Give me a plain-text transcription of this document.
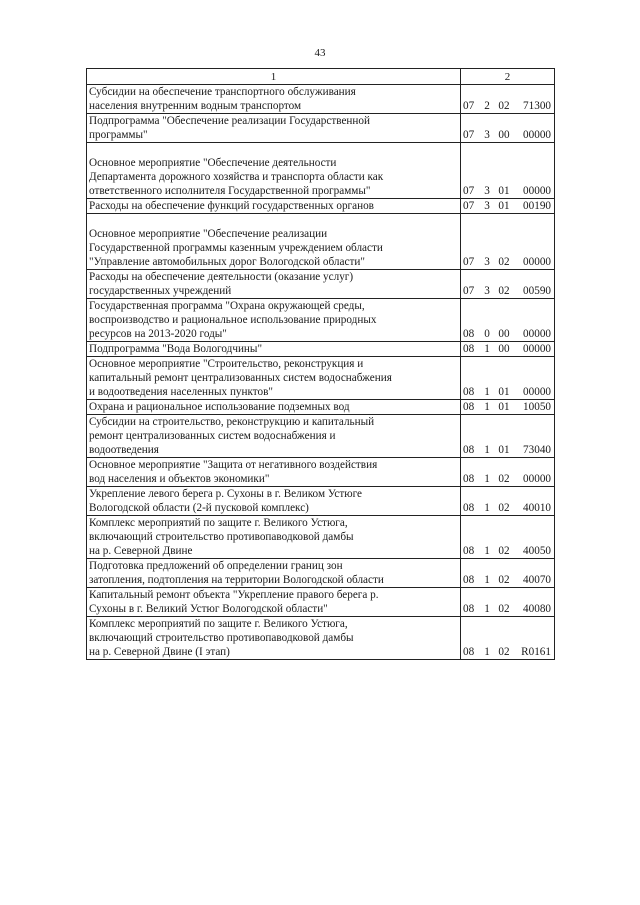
43
1	2
Субсидии на обеспечение транспортного обслуживания
населения внутренним водным транспортом	07 2 02 71300

Подпрограмма "Обеспечение реализации Государственной
программы"	07 3 00 00000

Основное мероприятие "Обеспечение деятельности
Департамента дорожного хозяйства и транспорта области как
ответственного исполнителя Государственной программы"	07 3 01 00000

Расходы на обеспечение функций государственных органов	07 3 01 00190

Основное мероприятие "Обеспечение реализации
Государственной программы казенным учреждением области
"Управление автомобильных дорог Вологодской области"	07 3 02 00000

Расходы на обеспечение деятельности (оказание услуг)
государственных учреждений	07 3 02 00590

Государственная программа "Охрана окружающей среды,
воспроизводство и рациональное использование природных
ресурсов на 2013-2020 годы"	08 0 00 00000

Подпрограмма "Вода Вологодчины"	08 1 00 00000

Основное мероприятие "Строительство, реконструкция и
капитальный ремонт централизованных систем водоснабжения
и водоотведения населенных пунктов"	08 1 01 00000

Охрана и рациональное использование подземных вод	08 1 01 10050

Субсидии на строительство, реконструкцию и капитальный
ремонт централизованных систем водоснабжения и
водоотведения	08 1 01 73040

Основное мероприятие "Защита от негативного воздействия
вод населения и объектов экономики"	08 1 02 00000

Укрепление левого берега р. Сухоны в г. Великом Устюге
Вологодской области (2-й пусковой комплекс)	08 1 02 40010

Комплекс мероприятий по защите г. Великого Устюга,
включающий строительство противопаводковой дамбы
на р. Северной Двине	08 1 02 40050

Подготовка предложений об определении границ зон
затопления, подтопления на территории Вологодской области	08 1 02 40070

Капитальный ремонт объекта "Укрепление правого берега р.
Сухоны в г. Великий Устюг Вологодской области"	08 1 02 40080

Комплекс мероприятий по защите г. Великого Устюга,
включающий строительство противопаводковой дамбы
на р. Северной Двине (I этап)	08 1 02 R0161
